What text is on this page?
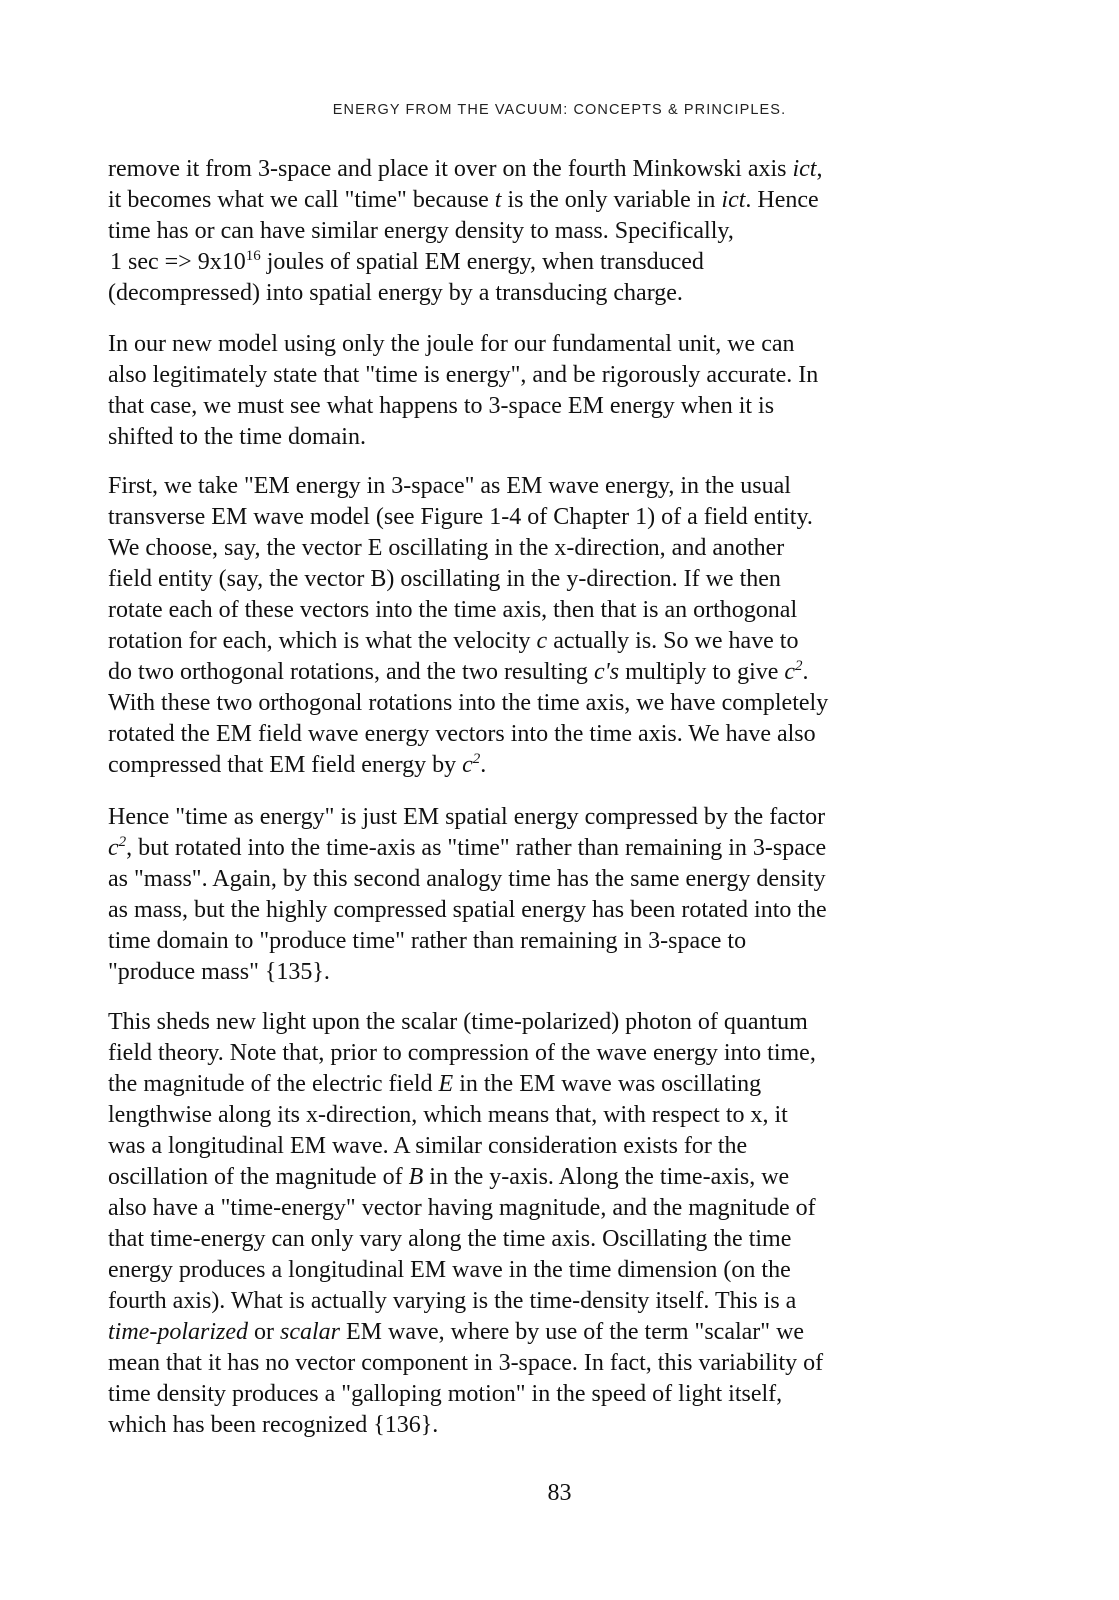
ENERGY FROM THE VACUUM: CONCEPTS & PRINCIPLES.
remove it from 3-space and place it over on the fourth Minkowski axis ict,
it becomes what we call "time" because t is the only variable in ict. Hence
time has or can have similar energy density to mass. Specifically,
1 $\sec => 9x10^{16}$ joules of spatial EM energy, when transduced
(decompressed) into spatial energy by a transducing charge.
In our new model using only the joule for our fundamental unit, we can
also legitimately state that "time is energy", and be rigorously accurate. In
that case, we must see what happens to 3-space EM energy when it is
shifted to the time domain.
First, we take "EM energy in 3-space" as EM wave energy, in the usual
transverse EM wave model (see Figure 1-4 of Chapter 1) of a field entity.
We choose, say, the vector E oscillating in the x-direction, and another
field entity (say, the vector B) oscillating in the y-direction. If we then
rotate each of these vectors into the time axis, then that is an orthogonal
rotation for each, which is what the velocity c actually is. So we have to
do two orthogonal rotations, and the two resulting c's multiply to give $c^2$.
With these two orthogonal rotations into the time axis, we have completely
rotated the EM field wave energy vectors into the time axis. We have also
compressed that EM field energy by $c^2$.
Hence "time as energy" is just EM spatial energy compressed by the factor
$c^2$, but rotated into the time-axis as "time" rather than remaining in 3-space
as "mass". Again, by this second analogy time has the same energy density
as mass, but the highly compressed spatial energy has been rotated into the
time domain to "produce time" rather than remaining in 3-space to
"produce mass" {135}.
This sheds new light upon the scalar (time-polarized) photon of quantum
field theory. Note that, prior to compression of the wave energy into time,
the magnitude of the electric field E in the EM wave was oscillating
lengthwise along its x-direction, which means that, with respect to x, it
was a longitudinal EM wave. A similar consideration exists for the
oscillation of the magnitude of B in the y-axis. Along the time-axis, we
also have a "time-energy" vector having magnitude, and the magnitude of
that time-energy can only vary along the time axis. Oscillating the time
energy produces a longitudinal EM wave in the time dimension (on the
fourth axis). What is actually varying is the time-density itself. This is a
time-polarized or scalar EM wave, where by use of the term "scalar" we
mean that it has no vector component in 3-space. In fact, this variability of
time density produces a "galloping motion" in the speed of light itself,
which has been recognized {136}.
83
